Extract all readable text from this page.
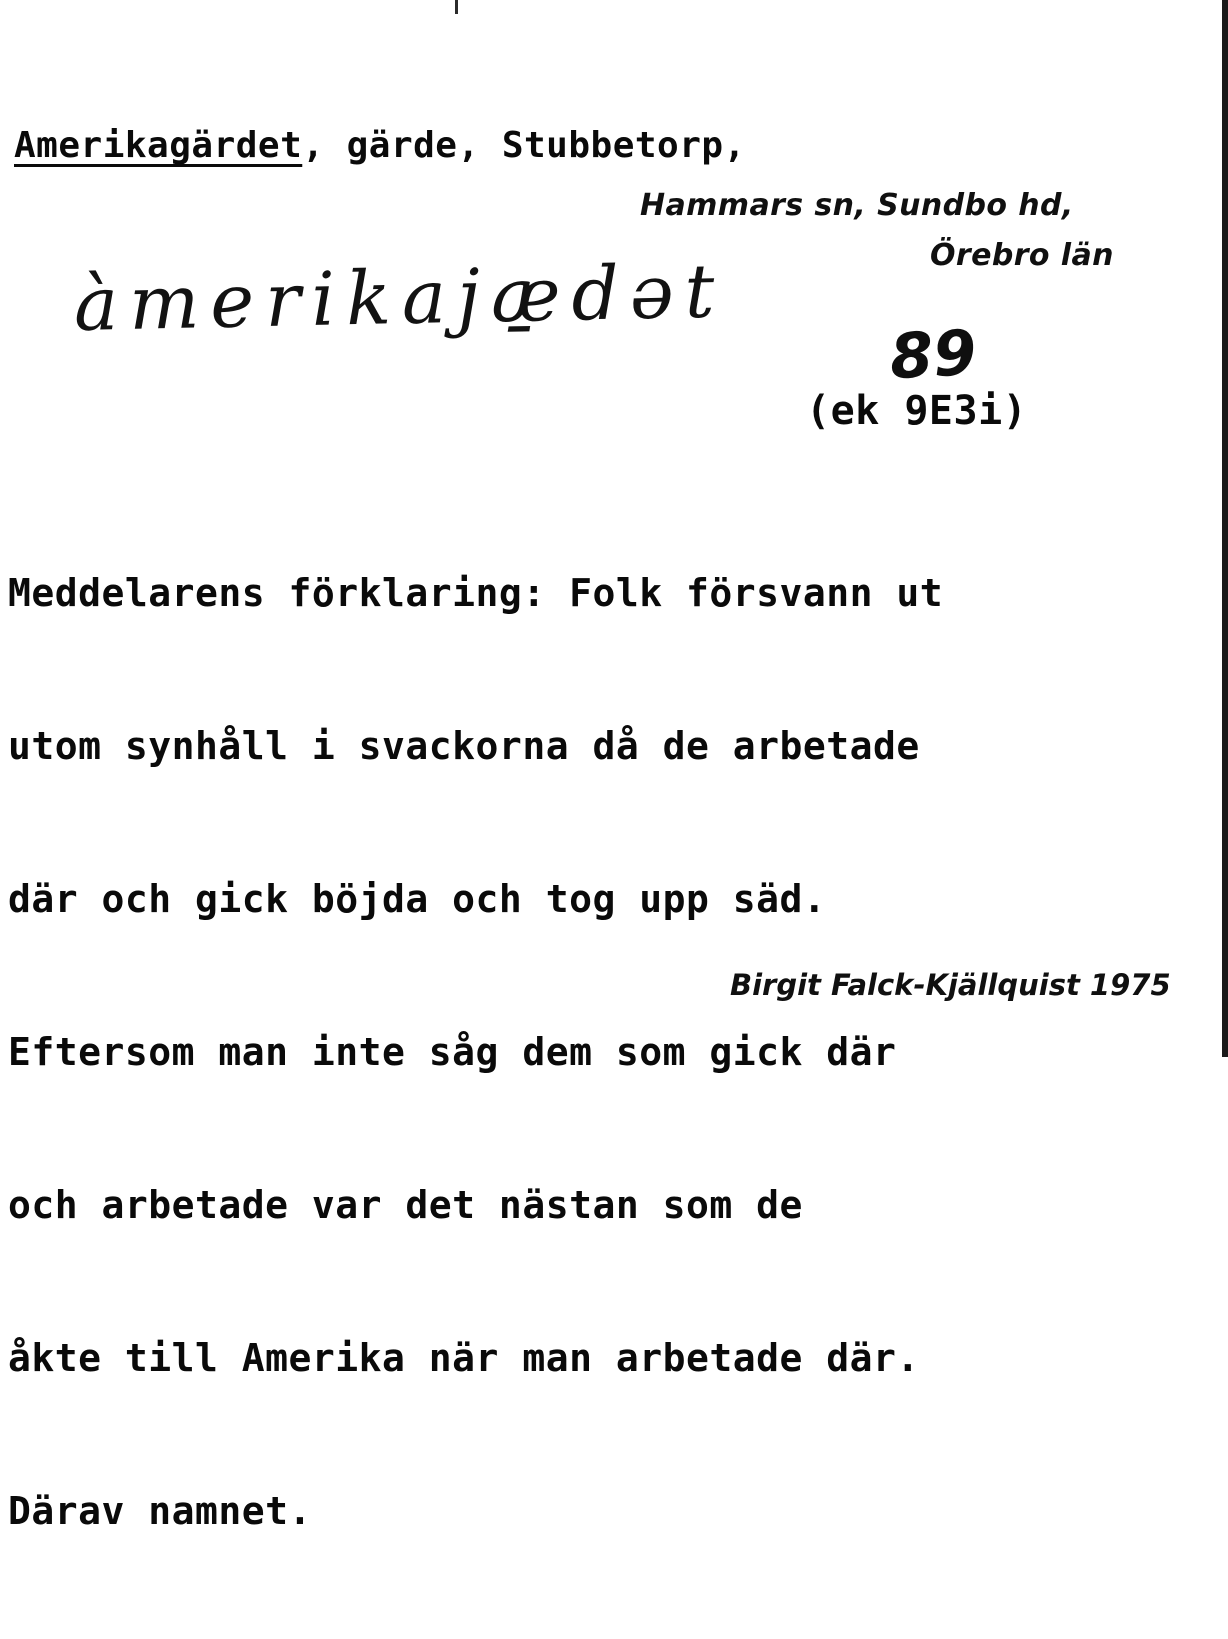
Amerikagärdet, gärde, Stubbetorp,
Hammars sn, Sundbo hd,
Örebro län
àmerikajæ̱dət
89
(ek 9E3i)

Meddelarens förklaring: Folk försvann ut

utom synhåll i svackorna då de arbetade

där och gick böjda och tog upp säd.

Eftersom man inte såg dem som gick där

och arbetade var det nästan som de

åkte till Amerika när man arbetade där.

Därav namnet.

Birgit Falck-Kjällquist 1975
